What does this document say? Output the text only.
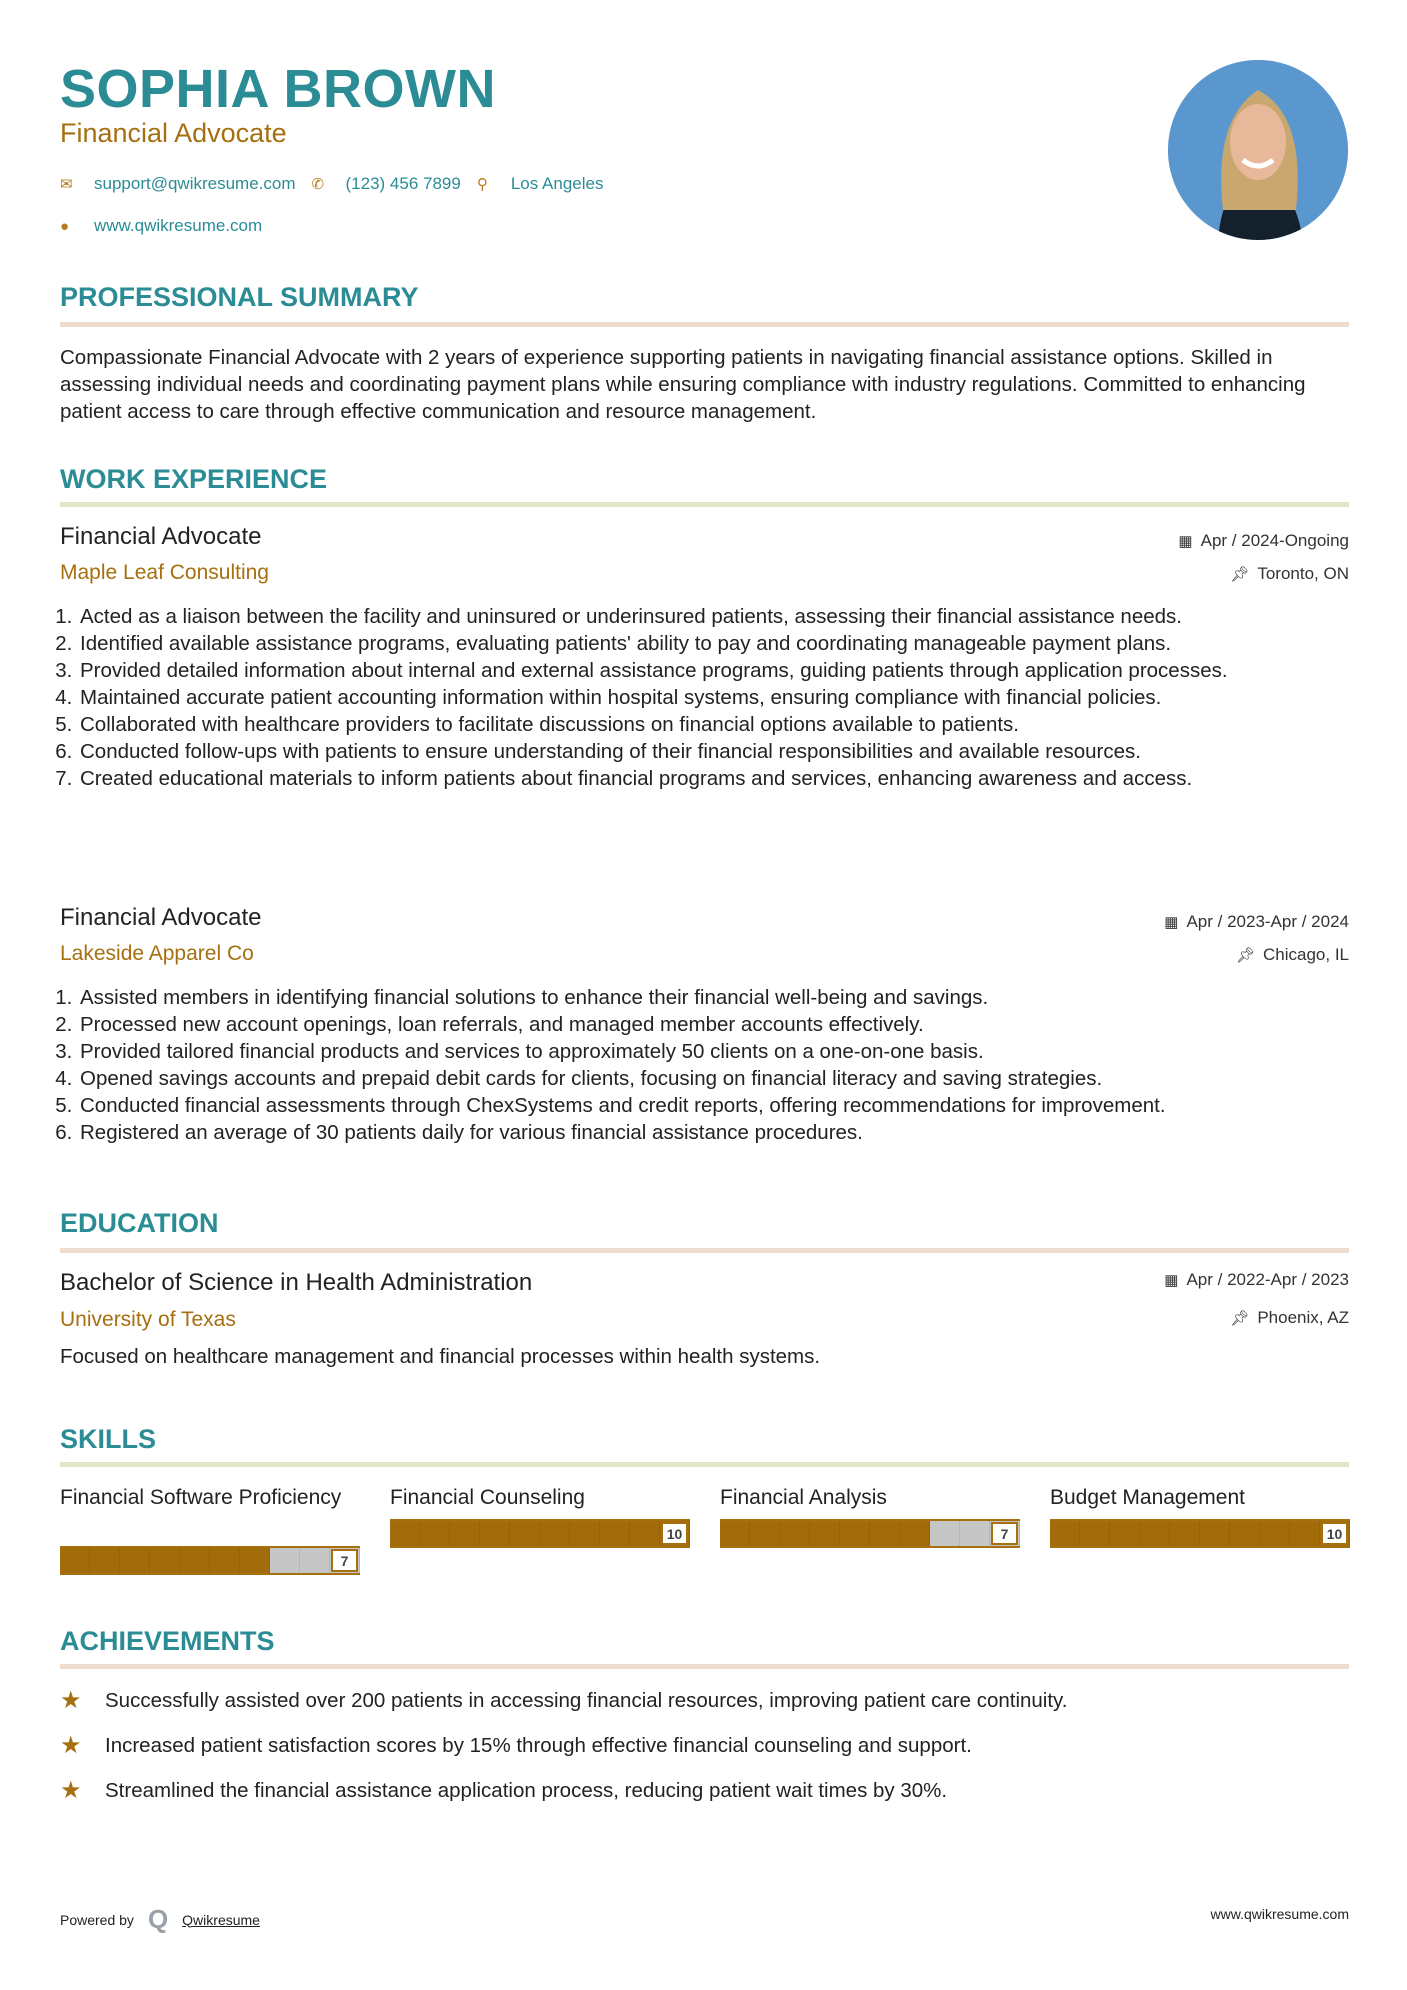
SOPHIA BROWN
Financial Advocate
✉	support@qwikresume.com ✆	(123) 456 7899 ⚲	Los Angeles
●	www.qwikresume.com
PROFESSIONAL SUMMARY
Compassionate Financial Advocate with 2 years of experience supporting patients in navigating financial assistance options. Skilled in assessing individual needs and coordinating payment plans while ensuring compliance with industry regulations. Committed to enhancing patient access to care through effective communication and resource management.
WORK EXPERIENCE
Financial Advocate
Maple Leaf Consulting
▦ Apr / 2024-Ongoing
📌︎ Toronto, ON
1. Acted as a liaison between the facility and uninsured or underinsured patients, assessing their financial assistance needs.
2. Identified available assistance programs, evaluating patients' ability to pay and coordinating manageable payment plans.
3. Provided detailed information about internal and external assistance programs, guiding patients through application processes.
4. Maintained accurate patient accounting information within hospital systems, ensuring compliance with financial policies.
5. Collaborated with healthcare providers to facilitate discussions on financial options available to patients.
6. Conducted follow-ups with patients to ensure understanding of their financial responsibilities and available resources.
7. Created educational materials to inform patients about financial programs and services, enhancing awareness and access.
Financial Advocate
Lakeside Apparel Co
▦ Apr / 2023-Apr / 2024
📌︎ Chicago, IL
1. Assisted members in identifying financial solutions to enhance their financial well-being and savings.
2. Processed new account openings, loan referrals, and managed member accounts effectively.
3. Provided tailored financial products and services to approximately 50 clients on a one-on-one basis.
4. Opened savings accounts and prepaid debit cards for clients, focusing on financial literacy and saving strategies.
5. Conducted financial assessments through ChexSystems and credit reports, offering recommendations for improvement.
6. Registered an average of 30 patients daily for various financial assistance procedures.
EDUCATION
Bachelor of Science in Health Administration
University of Texas
▦ Apr / 2022-Apr / 2023
📌︎ Phoenix, AZ
Focused on healthcare management and financial processes within health systems.
SKILLS
Financial Software Proficiency
7
Financial Counseling
10
Financial Analysis
7
Budget Management
10
ACHIEVEMENTS
★	Successfully assisted over 200 patients in accessing financial resources, improving patient care continuity.
★	Increased patient satisfaction scores by 15% through effective financial counseling and support.
★	Streamlined the financial assistance application process, reducing patient wait times by 30%.
Powered by Q Qwikresume	www.qwikresume.com
